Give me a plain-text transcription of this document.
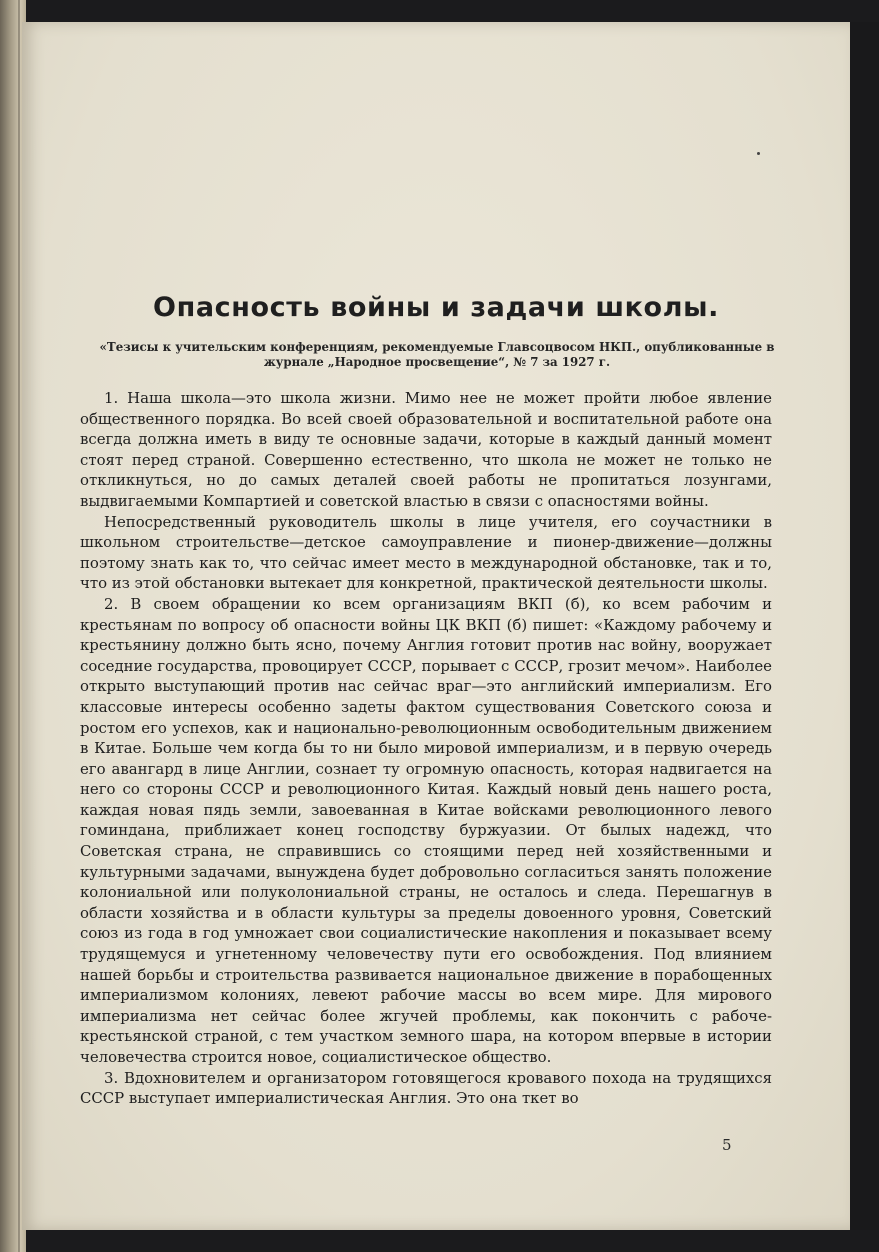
Опасность войны и задачи школы.
«Тезисы к учительским конференциям, рекомендуемые Главсоцвосом НКП., опубликованные в журнале „Народное просвещение“, № 7 за 1927 г.

1. Наша школа—это школа жизни. Мимо нее не может пройти любое явление общественного порядка. Во всей своей образовательной и воспитательной работе она всегда должна иметь в виду те основные задачи, которые в каждый данный момент стоят перед страной. Совершенно естественно, что школа не может не только не откликнуться, но до самых деталей своей работы не пропитаться лозунгами, выдвигаемыми Компартией и советской властью в связи с опасностями войны.

Непосредственный руководитель школы в лице учителя, его соучастники в школьном строительстве—детское самоуправление и пионер-движение—должны поэтому знать как то, что сейчас имеет место в международной обстановке, так и то, что из этой обстановки вытекает для конкретной, практической деятельности школы.

2. В своем обращении ко всем организациям ВКП (б), ко всем рабочим и крестьянам по вопросу об опасности войны ЦК ВКП (б) пишет: «Каждому рабочему и крестьянину должно быть ясно, почему Англия готовит против нас войну, вооружает соседние государства, провоцирует СССР, порывает с СССР, грозит мечом». Наиболее открыто выступающий против нас сейчас враг—это английский империализм. Его классовые интересы особенно задеты фактом существования Советского союза и ростом его успехов, как и национально-революционным освободительным движением в Китае. Больше чем когда бы то ни было мировой империализм, и в первую очередь его авангард в лице Англии, сознает ту огромную опасность, которая надвигается на него со стороны СССР и революционного Китая. Каждый новый день нашего роста, каждая новая пядь земли, завоеванная в Китае войсками революционного левого гоминдана, приближает конец господству буржуазии. От былых надежд, что Советская страна, не справившись со стоящими перед ней хозяйственными и культурными задачами, вынуждена будет добровольно согласиться занять положение колониальной или полуколониальной страны, не осталось и следа. Перешагнув в области хозяйства и в области культуры за пределы довоенного уровня, Советский союз из года в год умножает свои социалистические накопления и показывает всему трудящемуся и угнетенному человечеству пути его освобождения. Под влиянием нашей борьбы и строительства развивается национальное движение в порабощенных империализмом колониях, левеют рабочие массы во всем мире. Для мирового империализма нет сейчас более жгучей проблемы, как покончить с рабоче-крестьянской страной, с тем участком земного шара, на котором впервые в истории человечества строится новое, социалистическое общество.

3. Вдохновителем и организатором готовящегося кровавого похода на трудящихся СССР выступает империалистическая Англия. Это она ткет во

5
